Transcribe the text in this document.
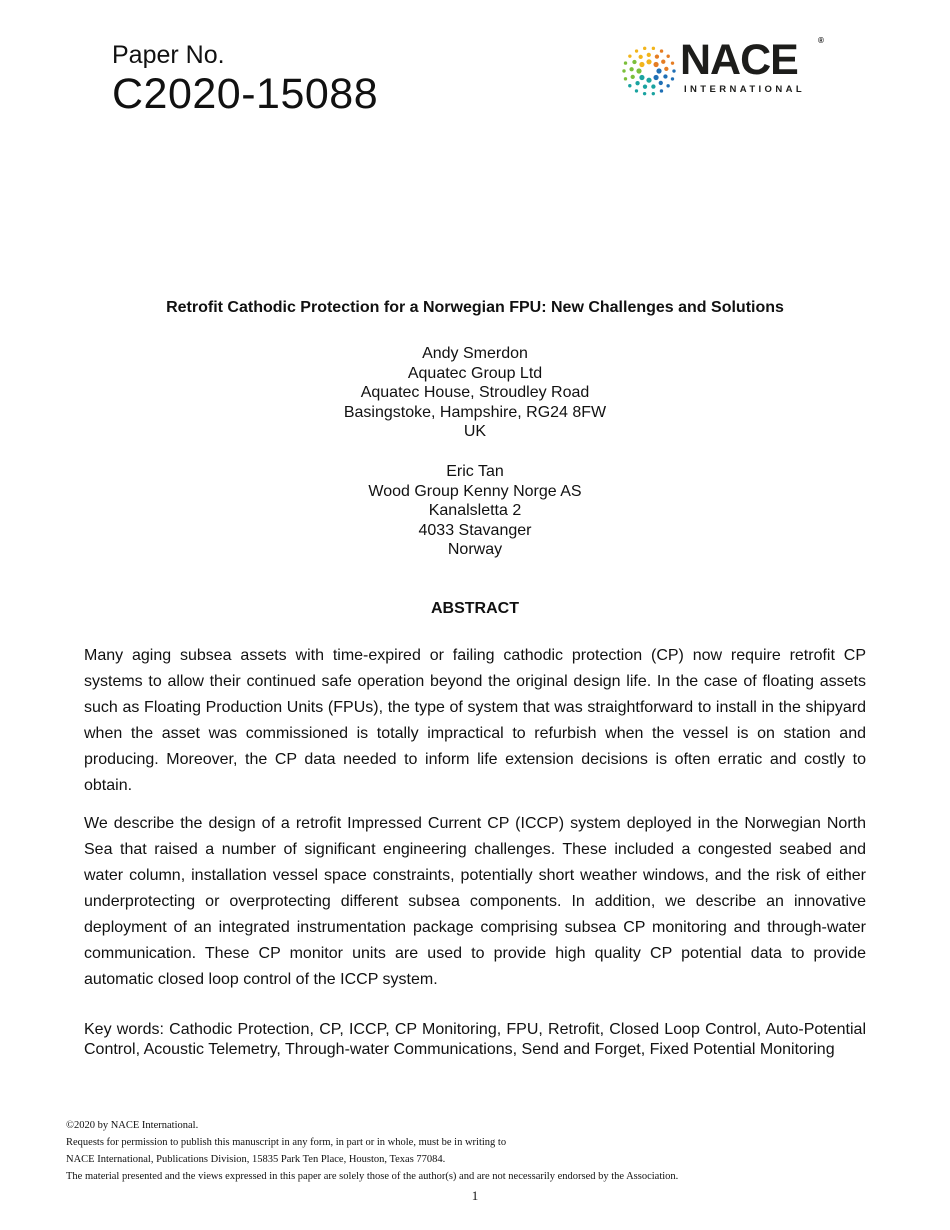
Paper No.
C2020-15088
NACE	®
INTERNATIONAL
Retrofit Cathodic Protection for a Norwegian FPU: New Challenges and Solutions
Andy Smerdon
Aquatec Group Ltd
Aquatec House, Stroudley Road
Basingstoke, Hampshire, RG24 8FW
UK
Eric Tan
Wood Group Kenny Norge AS
Kanalsletta 2
4033 Stavanger
Norway
ABSTRACT

Many aging subsea assets with time-expired or failing cathodic protection (CP) now require retrofit CP systems to allow their continued safe operation beyond the original design life. In the case of floating assets such as Floating Production Units (FPUs), the type of system that was straightforward to install in the shipyard when the asset was commissioned is totally impractical to refurbish when the vessel is on station and producing. Moreover, the CP data needed to inform life extension decisions is often erratic and costly to obtain.

We describe the design of a retrofit Impressed Current CP (ICCP) system deployed in the Norwegian North Sea that raised a number of significant engineering challenges. These included a congested seabed and water column, installation vessel space constraints, potentially short weather windows, and the risk of either underprotecting or overprotecting different subsea components. In addition, we describe an innovative deployment of an integrated instrumentation package comprising subsea CP monitoring and through-water communication. These CP monitor units are used to provide high quality CP potential data to provide automatic closed loop control of the ICCP system.

Key words: Cathodic Protection, CP, ICCP, CP Monitoring, FPU, Retrofit, Closed Loop Control, Auto-Potential Control, Acoustic Telemetry, Through-water Communications, Send and Forget, Fixed Potential Monitoring

©2020 by NACE International.
Requests for permission to publish this manuscript in any form, in part or in whole, must be in writing to
NACE International, Publications Division, 15835 Park Ten Place, Houston, Texas 77084.
The material presented and the views expressed in this paper are solely those of the author(s) and are not necessarily endorsed by the Association.
1
